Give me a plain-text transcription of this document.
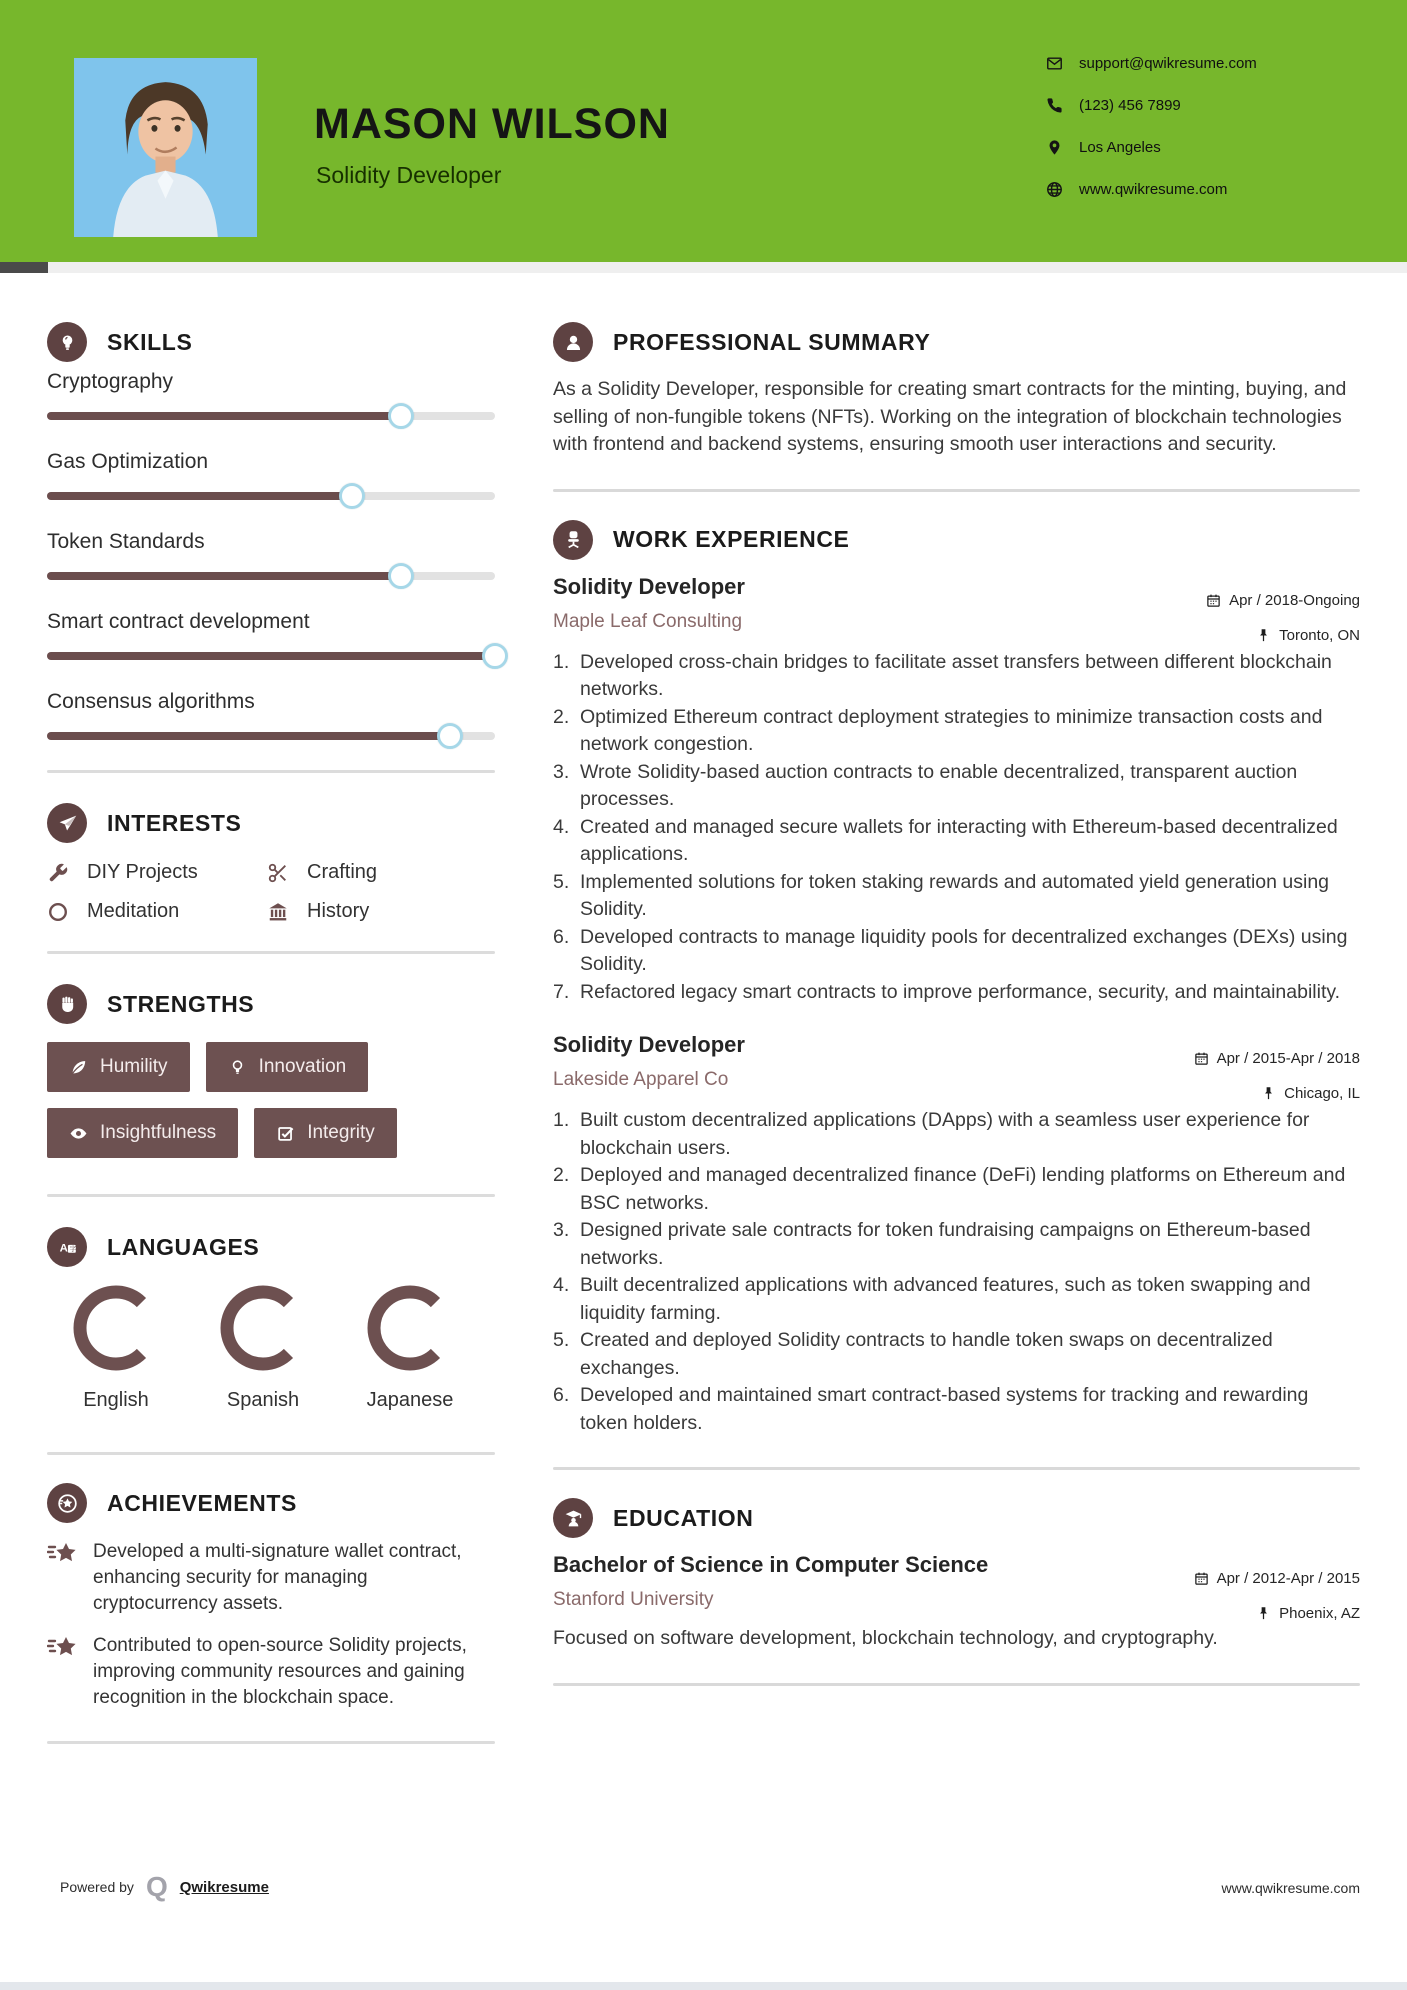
MASON WILSON
Solidity Developer
support@qwikresume.com
(123) 456 7899
Los Angeles
www.qwikresume.com
SKILLS
Cryptography
Gas Optimization
Token Standards
Smart contract development
Consensus algorithms
INTERESTS
DIY Projects	Crafting
Meditation	History
STRENGTHS
Humility	Innovation
Insightfulness	Integrity
A 字 LANGUAGES
English	Spanish	Japanese
ACHIEVEMENTS

Developed a multi-signature wallet contract, enhancing security for managing cryptocurrency assets.

Contributed to open-source Solidity projects, improving community resources and gaining recognition in the blockchain space.

PROFESSIONAL SUMMARY

As a Solidity Developer, responsible for creating smart contracts for the minting, buying, and selling of non-fungible tokens (NFTs). Working on the integration of blockchain technologies with frontend and backend systems, ensuring smooth user interactions and security.

WORK EXPERIENCE
Solidity Developer
Maple Leaf Consulting
Apr / 2018-Ongoing
Toronto, ON
Developed cross-chain bridges to facilitate asset transfers between different blockchain networks.
Optimized Ethereum contract deployment strategies to minimize transaction costs and network congestion.
Wrote Solidity-based auction contracts to enable decentralized, transparent auction processes.
Created and managed secure wallets for interacting with Ethereum-based decentralized applications.
Implemented solutions for token staking rewards and automated yield generation using Solidity.
Developed contracts to manage liquidity pools for decentralized exchanges (DEXs) using Solidity.
Refactored legacy smart contracts to improve performance, security, and maintainability.
Solidity Developer
Lakeside Apparel Co
Apr / 2015-Apr / 2018
Chicago, IL
Built custom decentralized applications (DApps) with a seamless user experience for blockchain users.
Deployed and managed decentralized finance (DeFi) lending platforms on Ethereum and BSC networks.
Designed private sale contracts for token fundraising campaigns on Ethereum-based networks.
Built decentralized applications with advanced features, such as token swapping and liquidity farming.
Created and deployed Solidity contracts to handle token swaps on decentralized exchanges.
Developed and maintained smart contract-based systems for tracking and rewarding token holders.
EDUCATION
Bachelor of Science in Computer Science
Stanford University
Apr / 2012-Apr / 2015
Phoenix, AZ

Focused on software development, blockchain technology, and cryptography.

Powered by Q Qwikresume	www.qwikresume.com
